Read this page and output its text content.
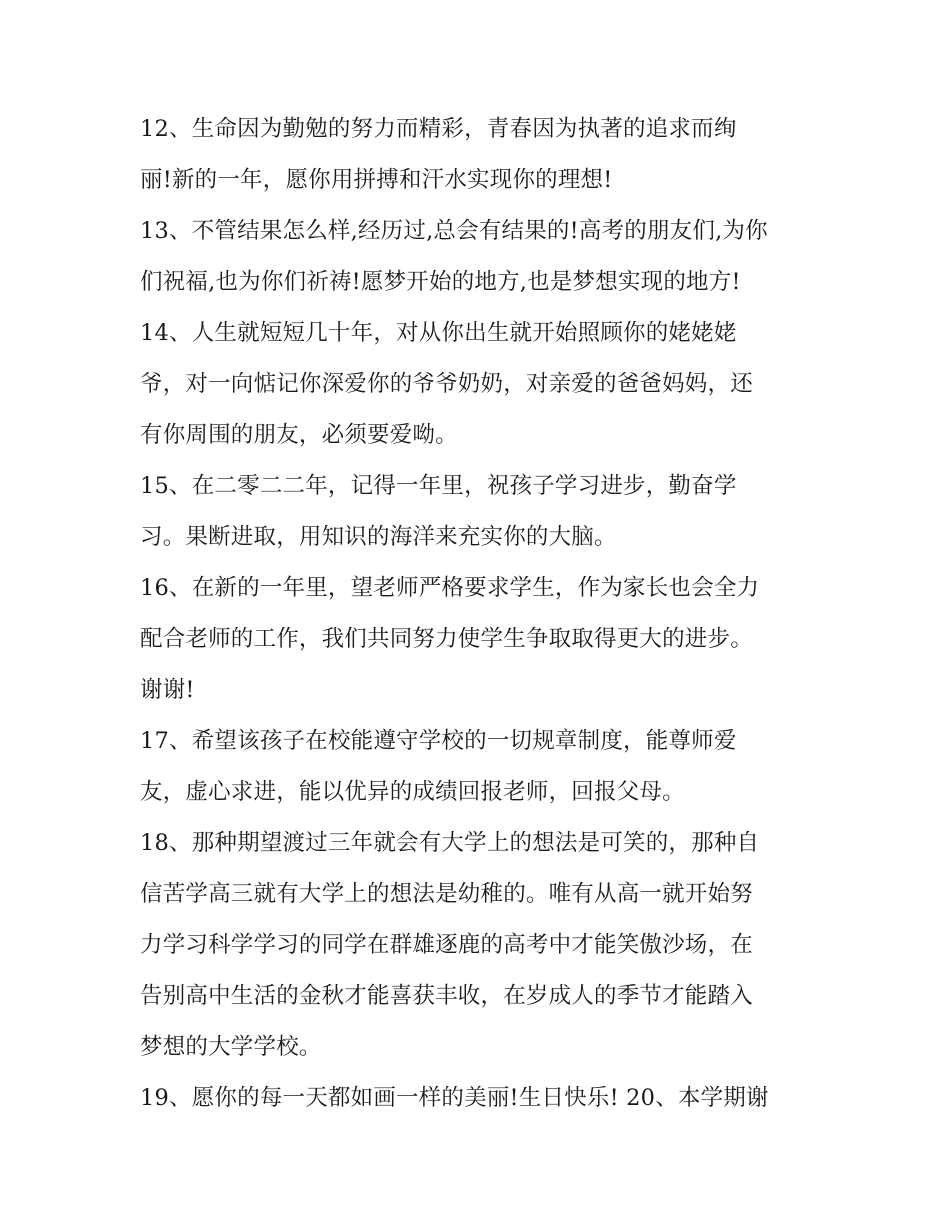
12、生命因为勤勉的努力而精彩，青春因为执著的追求而绚
丽!新的一年，愿你用拼搏和汗水实现你的理想!
13、不管结果怎么样,经历过,总会有结果的!高考的朋友们,为你
们祝福,也为你们祈祷!愿梦开始的地方,也是梦想实现的地方!
14、人生就短短几十年，对从你出生就开始照顾你的姥姥姥
爷，对一向惦记你深爱你的爷爷奶奶，对亲爱的爸爸妈妈，还
有你周围的朋友，必须要爱呦。
15、在二零二二年，记得一年里，祝孩子学习进步，勤奋学
习。果断进取，用知识的海洋来充实你的大脑。
16、在新的一年里，望老师严格要求学生，作为家长也会全力
配合老师的工作，我们共同努力使学生争取取得更大的进步。
谢谢!
17、希望该孩子在校能遵守学校的一切规章制度，能尊师爱
友，虚心求进，能以优异的成绩回报老师，回报父母。
18、那种期望渡过三年就会有大学上的想法是可笑的，那种自
信苦学高三就有大学上的想法是幼稚的。唯有从高一就开始努
力学习科学学习的同学在群雄逐鹿的高考中才能笑傲沙场，在
告别高中生活的金秋才能喜获丰收，在岁成人的季节才能踏入
梦想的大学学校。
19、愿你的每一天都如画一样的美丽!生日快乐! 20、本学期谢
